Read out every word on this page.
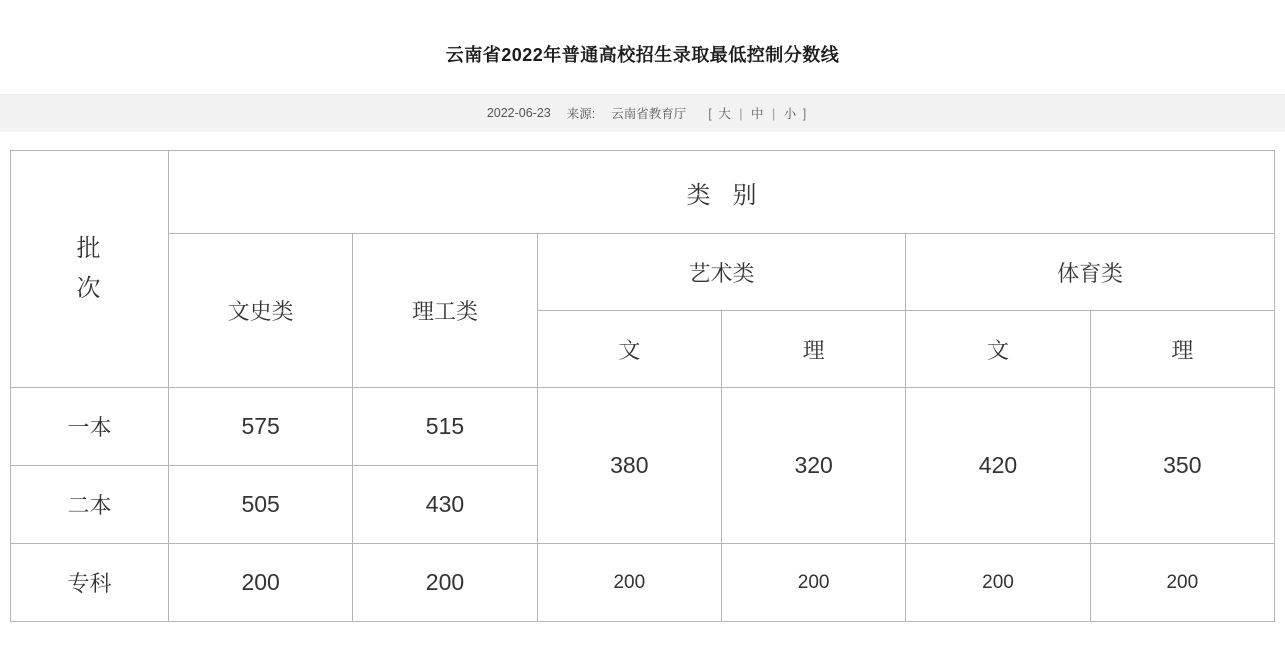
云南省2022年普通高校招生录取最低控制分数线
2022-06-23 来源: 云南省教育厅 [ 大 | 中 | 小 ]
批
次	类别					
	文史类	理工类	艺术类		体育类	
			文	理	文	理
一本	575	515	380	320	420	350
二本	505	430				
专科	200	200	200	200	200	200
